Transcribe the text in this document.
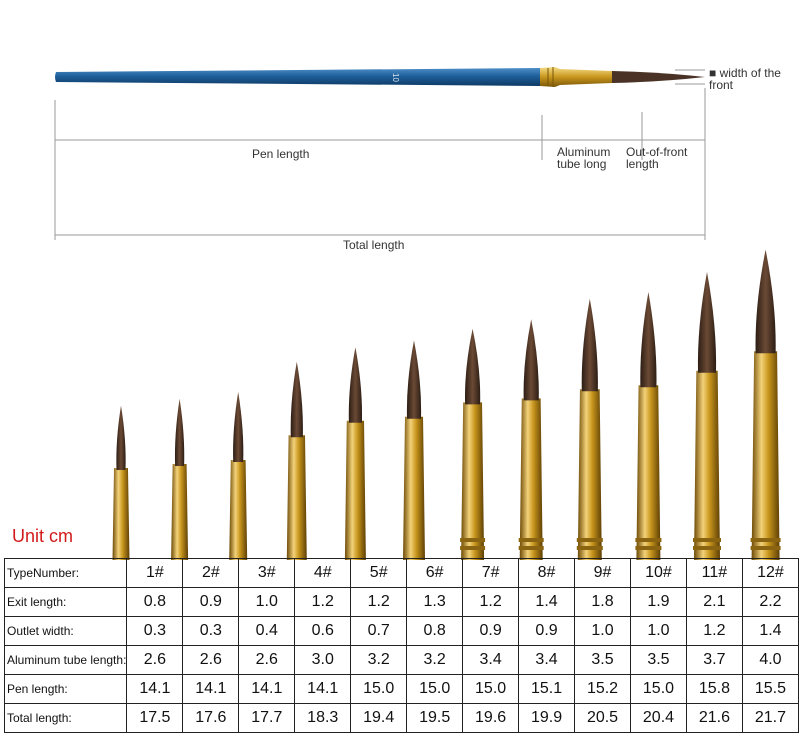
10	■ width of the front
Pen length	Aluminum tube long
Out-of-front length
Total length
Unit cm
TypeNumber:	1#	2#	3#	4#	5#	6#	7#	8#	9#	10#	11#	12#
Exit length:	0.8	0.9	1.0	1.2	1.2	1.3	1.2	1.4	1.8	1.9	2.1	2.2
Outlet width:	0.3	0.3	0.4	0.6	0.7	0.8	0.9	0.9	1.0	1.0	1.2	1.4
Aluminum tube length:	2.6	2.6	2.6	3.0	3.2	3.2	3.4	3.4	3.5	3.5	3.7	4.0
Pen length:	14.1	14.1	14.1	14.1	15.0	15.0	15.0	15.1	15.2	15.0	15.8	15.5
Total length:	17.5	17.6	17.7	18.3	19.4	19.5	19.6	19.9	20.5	20.4	21.6	21.7
